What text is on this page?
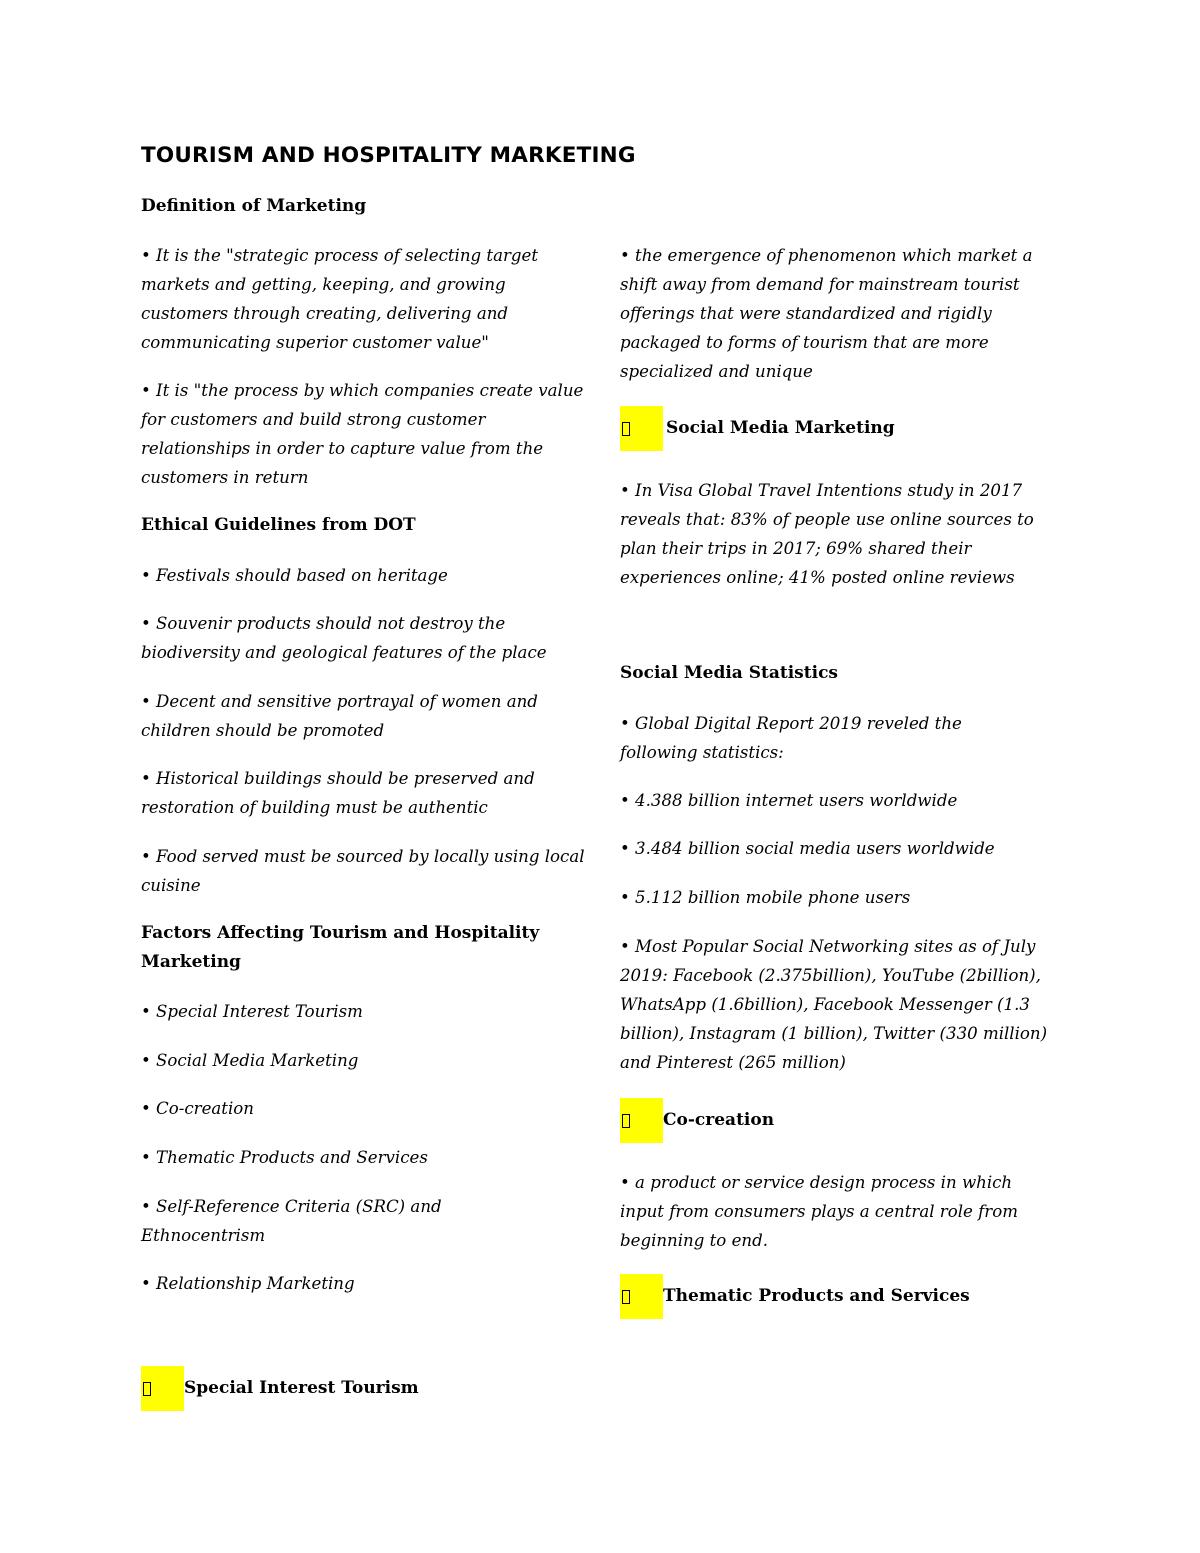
TOURISM AND HOSPITALITY MARKETING
Definition of Marketing

• It is the "strategic process of selecting target markets and getting, keeping, and growing customers through creating, delivering and communicating superior customer value"

• It is "the process by which companies create value for customers and build strong customer relationships in order to capture value from the customers in return

Ethical Guidelines from DOT

• Festivals should based on heritage

• Souvenir products should not destroy the biodiversity and geological features of the place

• Decent and sensitive portrayal of women and children should be promoted

• Historical buildings should be preserved and restoration of building must be authentic

• Food served must be sourced by locally using local cuisine

Factors Affecting Tourism and Hospitality Marketing

• Special Interest Tourism

• Social Media Marketing

• Co-creation

• Thematic Products and Services

• Self-Reference Criteria (SRC) and Ethnocentrism

• Relationship Marketing

Special Interest Tourism

• the emergence of phenomenon which market a shift away from demand for mainstream tourist offerings that were standardized and rigidly packaged to forms of tourism that are more specialized and unique

Social Media Marketing

• In Visa Global Travel Intentions study in 2017 reveals that: 83% of people use online sources to plan their trips in 2017; 69% shared their experiences online; 41% posted online reviews

Social Media Statistics

• Global Digital Report 2019 reveled the following statistics:

• 4.388 billion internet users worldwide

• 3.484 billion social media users worldwide

• 5.112 billion mobile phone users

• Most Popular Social Networking sites as of July 2019: Facebook (2.375billion), YouTube (2billion), WhatsApp (1.6billion), Facebook Messenger (1.3 billion), Instagram (1 billion), Twitter (330 million) and Pinterest (265 million)

Co-creation

• a product or service design process in which input from consumers plays a central role from beginning to end.

Thematic Products and Services
